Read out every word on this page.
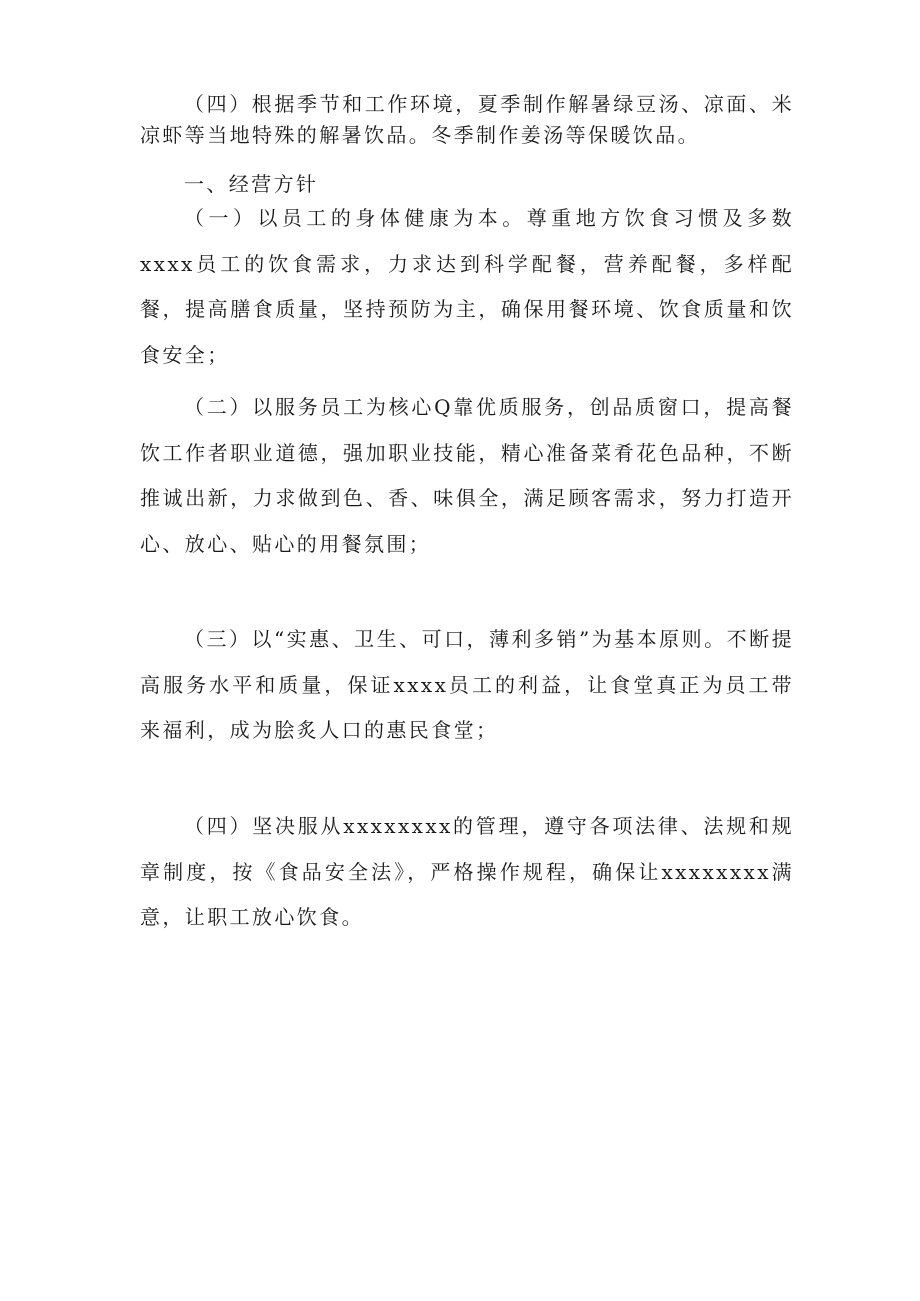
（四）根据季节和工作环境，夏季制作解暑绿豆汤、凉面、米凉虾等当地特殊的解暑饮品。冬季制作姜汤等保暖饮品。

一、经营方针

（一）以员工的身体健康为本。尊重地方饮食习惯及多数xxxx员工的饮食需求，力求达到科学配餐，营养配餐，多样配餐，提高膳食质量，坚持预防为主，确保用餐环境、饮食质量和饮食安全；

（二）以服务员工为核心Q靠优质服务，创品质窗口，提高餐饮工作者职业道德，强加职业技能，精心准备菜肴花色品种，不断推诚出新，力求做到色、香、味俱全，满足顾客需求，努力打造开心、放心、贴心的用餐氛围；

（三）以“实惠、卫生、可口，薄利多销”为基本原则。不断提高服务水平和质量，保证xxxx员工的利益，让食堂真正为员工带来福利，成为脍炙人口的惠民食堂；

（四）坚决服从xxxxxxxx的管理，遵守各项法律、法规和规章制度，按《食品安全法》，严格操作规程，确保让xxxxxxxx满意，让职工放心饮食。
